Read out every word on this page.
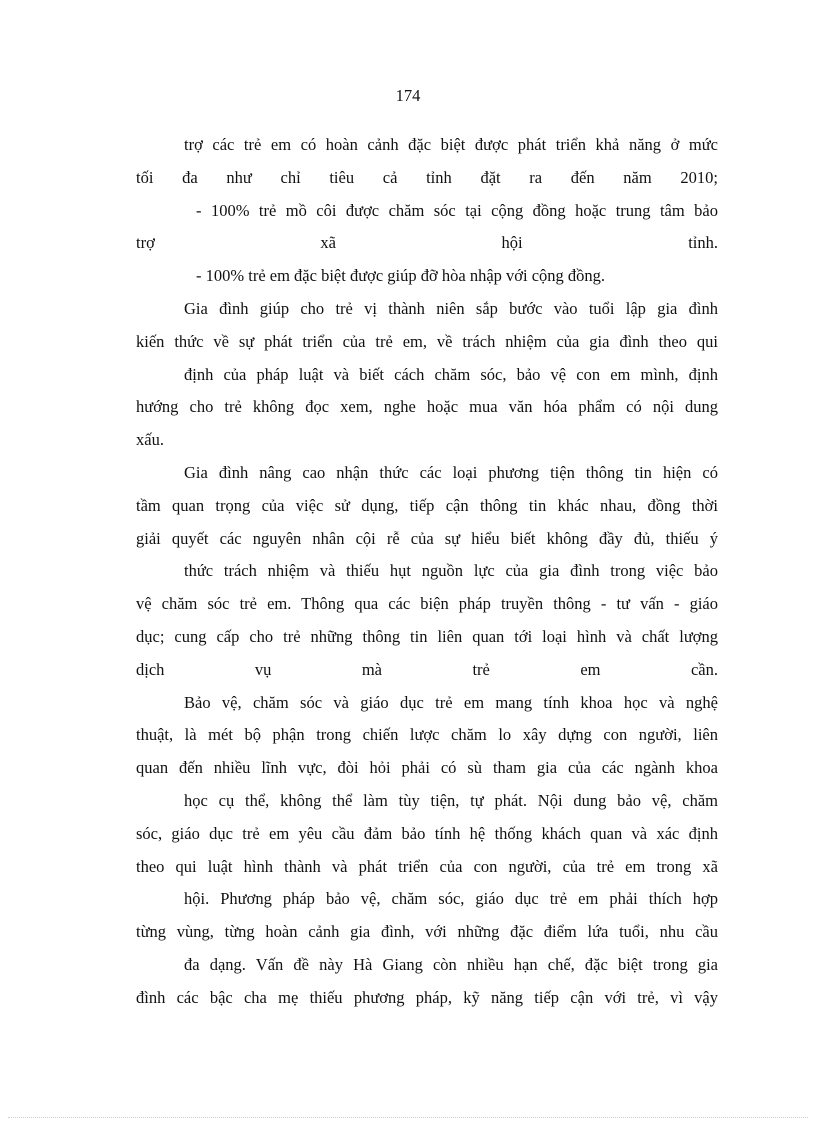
174
trợ các trẻ em có hoàn cảnh đặc biệt được phát triển khả năng ở mức
tối đa như chỉ tiêu cả tỉnh đặt ra đến năm 2010;
- 100% trẻ mồ côi được chăm sóc tại cộng đồng hoặc trung tâm bảo
trợ xã hội tỉnh.
- 100% trẻ em đặc biệt được giúp đỡ hòa nhập với cộng đồng.
Gia đình giúp cho trẻ vị thành niên sắp bước vào tuổi lập gia đình
kiến thức về sự phát triển của trẻ em, về trách nhiệm của gia đình theo qui
định của pháp luật và biết cách chăm sóc, bảo vệ con em mình, định
hướng cho trẻ không đọc xem, nghe hoặc mua văn hóa phẩm có nội dung
xấu.
Gia đình nâng cao nhận thức các loại phương tiện thông tin hiện có
tầm quan trọng của việc sử dụng, tiếp cận thông tin khác nhau, đồng thời
giải quyết các nguyên nhân cội rễ của sự hiểu biết không đầy đủ, thiếu ý
thức trách nhiệm và thiếu hụt nguồn lực của gia đình trong việc bảo
vệ chăm sóc trẻ em. Thông qua các biện pháp truyền thông - tư vấn - giáo
dục; cung cấp cho trẻ những thông tin liên quan tới loại hình và chất lượng
dịch vụ mà trẻ em cần.
Bảo vệ, chăm sóc và giáo dục trẻ em mang tính khoa học và nghệ
thuật, là mét bộ phận trong chiến lược chăm lo xây dựng con người, liên
quan đến nhiều lĩnh vực, đòi hỏi phải có sù tham gia của các ngành khoa
học cụ thể, không thể làm tùy tiện, tự phát. Nội dung bảo vệ, chăm
sóc, giáo dục trẻ em yêu cầu đảm bảo tính hệ thống khách quan và xác định
theo qui luật hình thành và phát triển của con người, của trẻ em trong xã
hội. Phương pháp bảo vệ, chăm sóc, giáo dục trẻ em phải thích hợp
từng vùng, từng hoàn cảnh gia đình, với những đặc điểm lứa tuổi, nhu cầu
đa dạng. Vấn đề này Hà Giang còn nhiều hạn chế, đặc biệt trong gia
đình các bậc cha mẹ thiếu phương pháp, kỹ năng tiếp cận với trẻ, vì vậy
